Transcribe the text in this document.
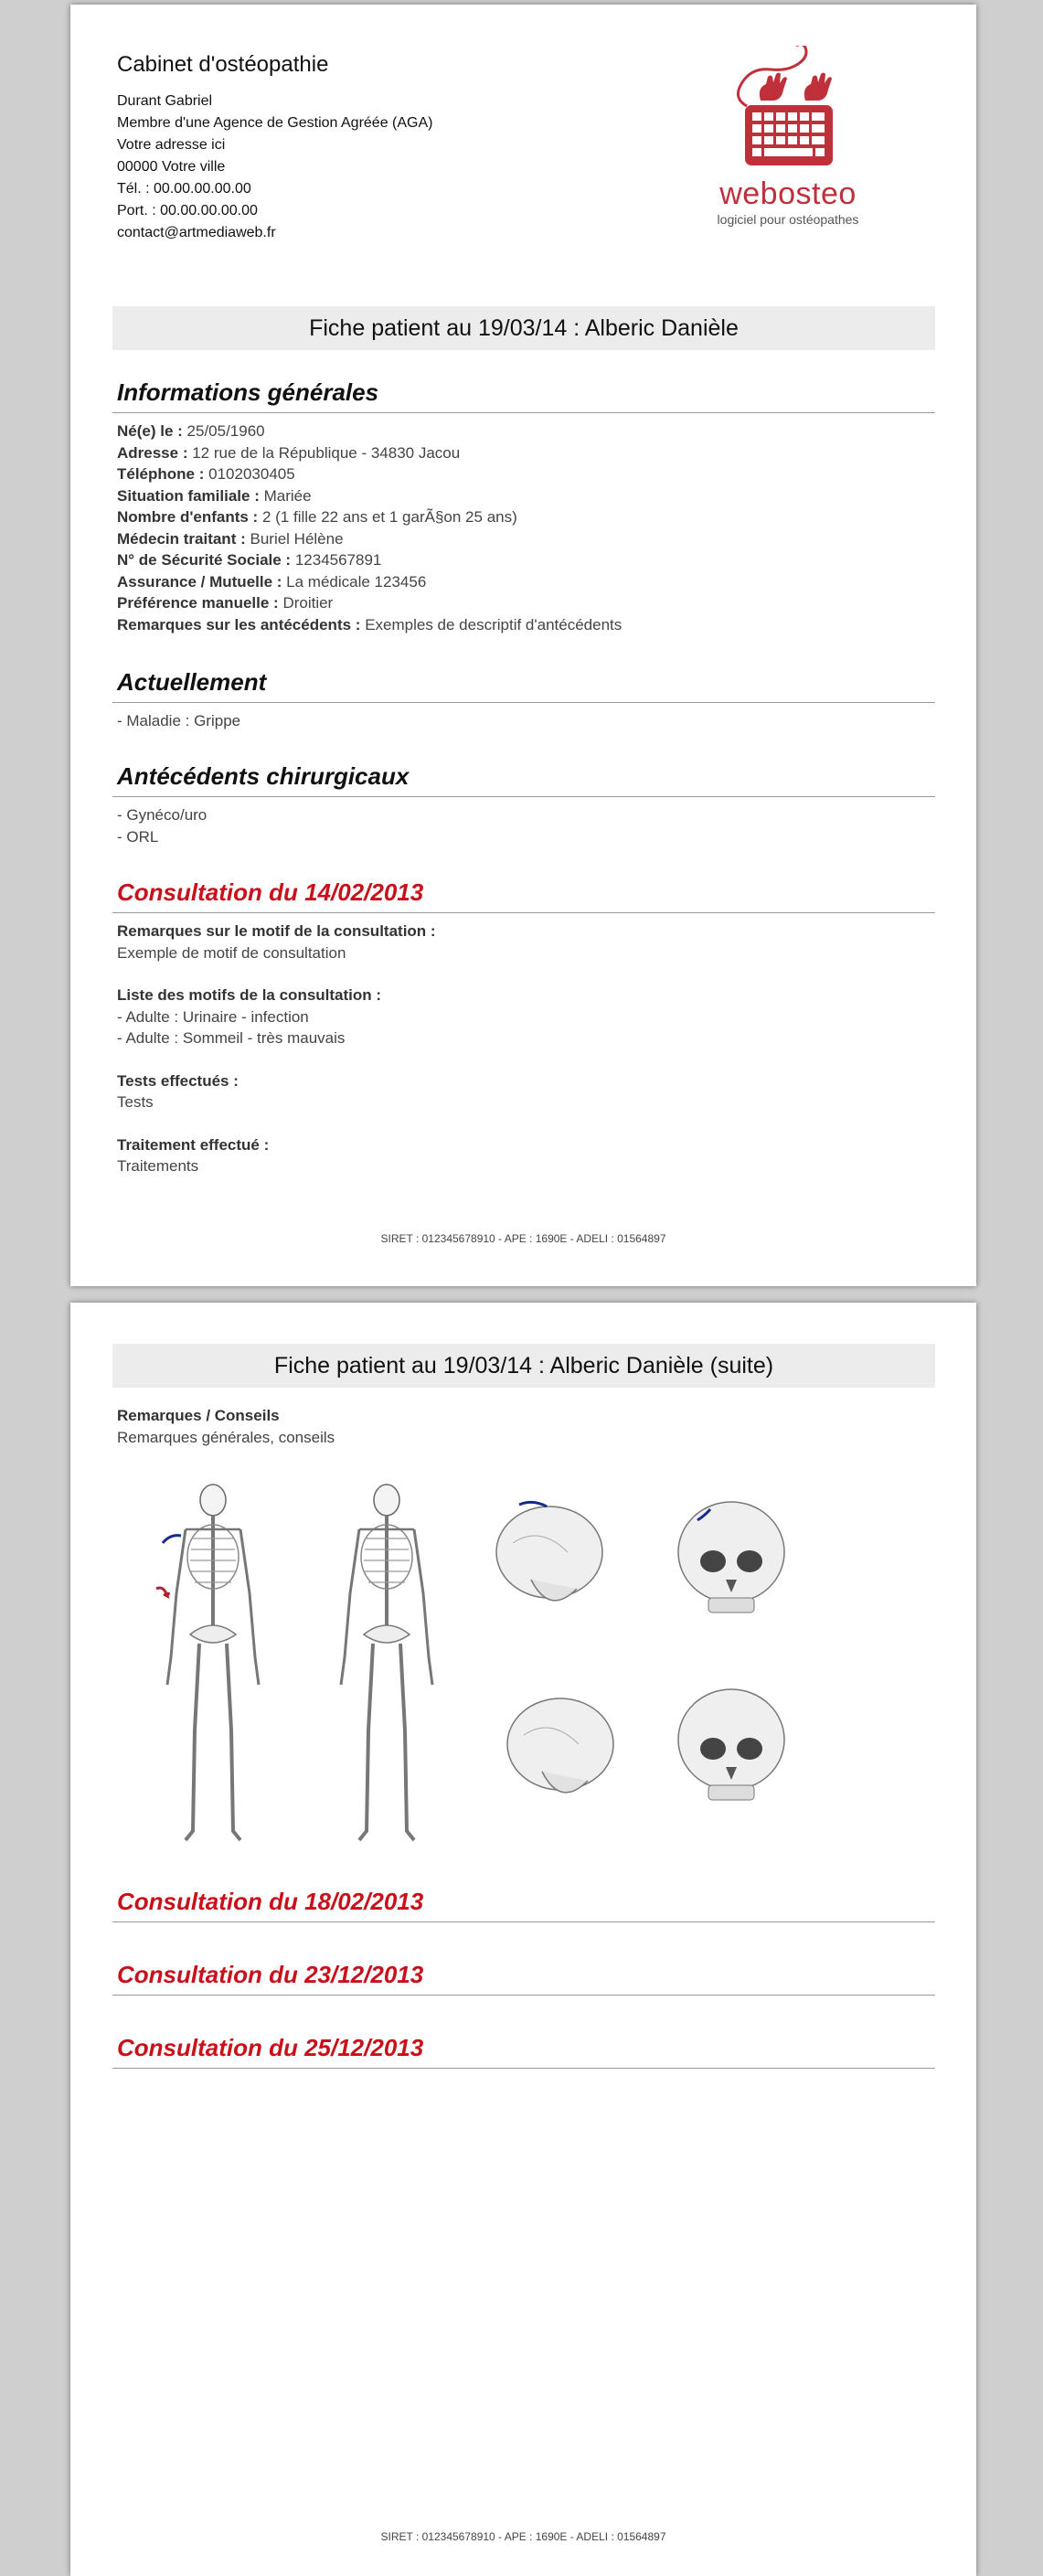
Cabinet d'ostéopathie
Durant Gabriel
Membre d'une Agence de Gestion Agréée (AGA)
Votre adresse ici
00000 Votre ville
Tél. : 00.00.00.00.00
Port. : 00.00.00.00.00
contact@artmediaweb.fr
webosteo
logiciel pour ostéopathes
Fiche patient au 19/03/14 : Alberic Danièle
Informations générales
Né(e) le : 25/05/1960
Adresse : 12 rue de la République - 34830 Jacou
Téléphone : 0102030405
Situation familiale : Mariée
Nombre d'enfants : 2 (1 fille 22 ans et 1 garÃ§on 25 ans)
Médecin traitant : Buriel Hélène
N° de Sécurité Sociale : 1234567891
Assurance / Mutuelle : La médicale 123456
Préférence manuelle : Droitier
Remarques sur les antécédents : Exemples de descriptif d'antécédents
Actuellement
- Maladie : Grippe
Antécédents chirurgicaux
- Gynéco/uro
- ORL
Consultation du 14/02/2013
Remarques sur le motif de la consultation :
Exemple de motif de consultation
Liste des motifs de la consultation :
- Adulte : Urinaire - infection
- Adulte : Sommeil - très mauvais
Tests effectués :
Tests
Traitement effectué :
Traitements
SIRET : 012345678910 - APE : 1690E - ADELI : 01564897
Fiche patient au 19/03/14 : Alberic Danièle (suite)
Remarques / Conseils
Remarques générales, conseils
Consultation du 18/02/2013
Consultation du 23/12/2013
Consultation du 25/12/2013
SIRET : 012345678910 - APE : 1690E - ADELI : 01564897
